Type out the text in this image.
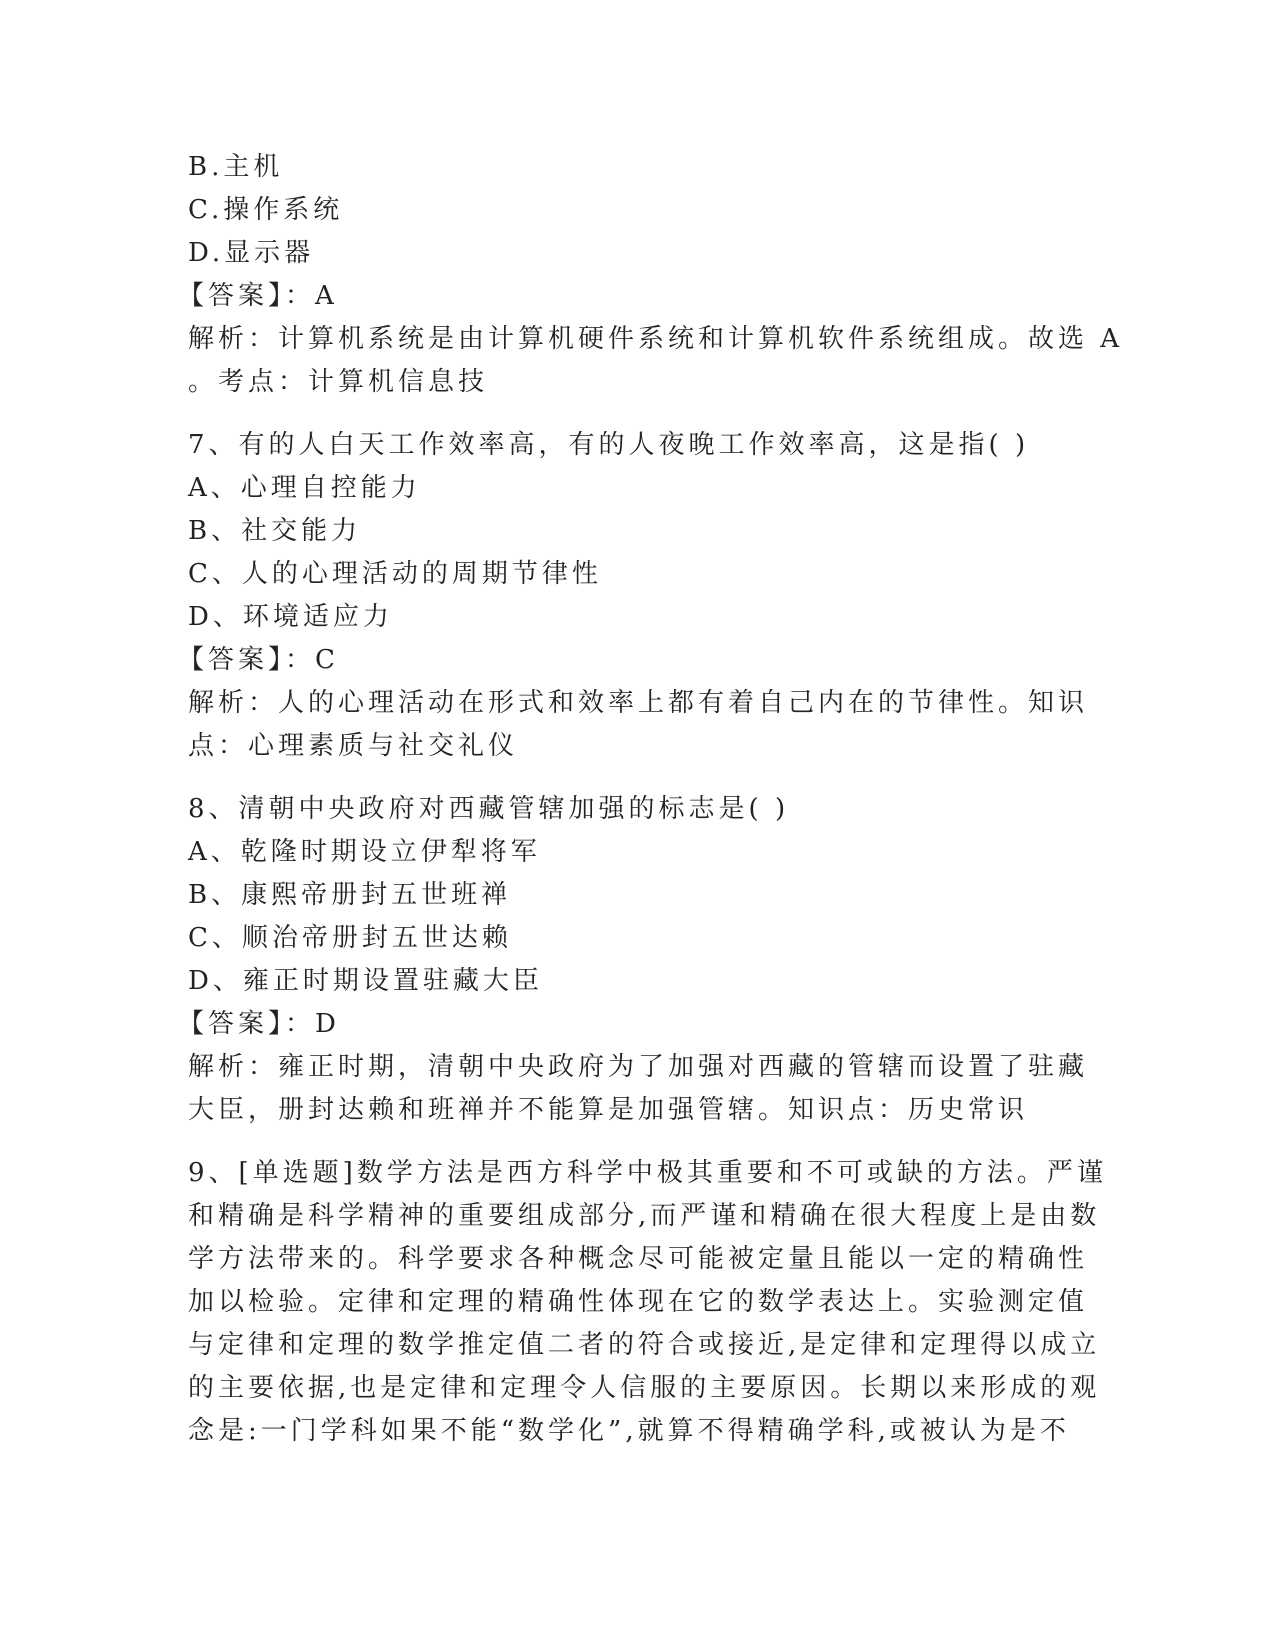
B.主机
C.操作系统
D.显示器
【答案】：A
解析：计算机系统是由计算机硬件系统和计算机软件系统组成。故选 A
。考点：计算机信息技
7、有的人白天工作效率高，有的人夜晚工作效率高，这是指( )
A、心理自控能力
B、社交能力
C、人的心理活动的周期节律性
D、环境适应力
【答案】：C
解析：人的心理活动在形式和效率上都有着自己内在的节律性。知识
点：心理素质与社交礼仪
8、清朝中央政府对西藏管辖加强的标志是( )
A、乾隆时期设立伊犁将军
B、康熙帝册封五世班禅
C、顺治帝册封五世达赖
D、雍正时期设置驻藏大臣
【答案】：D
解析：雍正时期，清朝中央政府为了加强对西藏的管辖而设置了驻藏
大臣，册封达赖和班禅并不能算是加强管辖。知识点：历史常识
9、[单选题]数学方法是西方科学中极其重要和不可或缺的方法。严谨
和精确是科学精神的重要组成部分,而严谨和精确在很大程度上是由数
学方法带来的。科学要求各种概念尽可能被定量且能以一定的精确性
加以检验。定律和定理的精确性体现在它的数学表达上。实验测定值
与定律和定理的数学推定值二者的符合或接近,是定律和定理得以成立
的主要依据,也是定律和定理令人信服的主要原因。长期以来形成的观
念是:一门学科如果不能“数学化”,就算不得精确学科,或被认为是不
